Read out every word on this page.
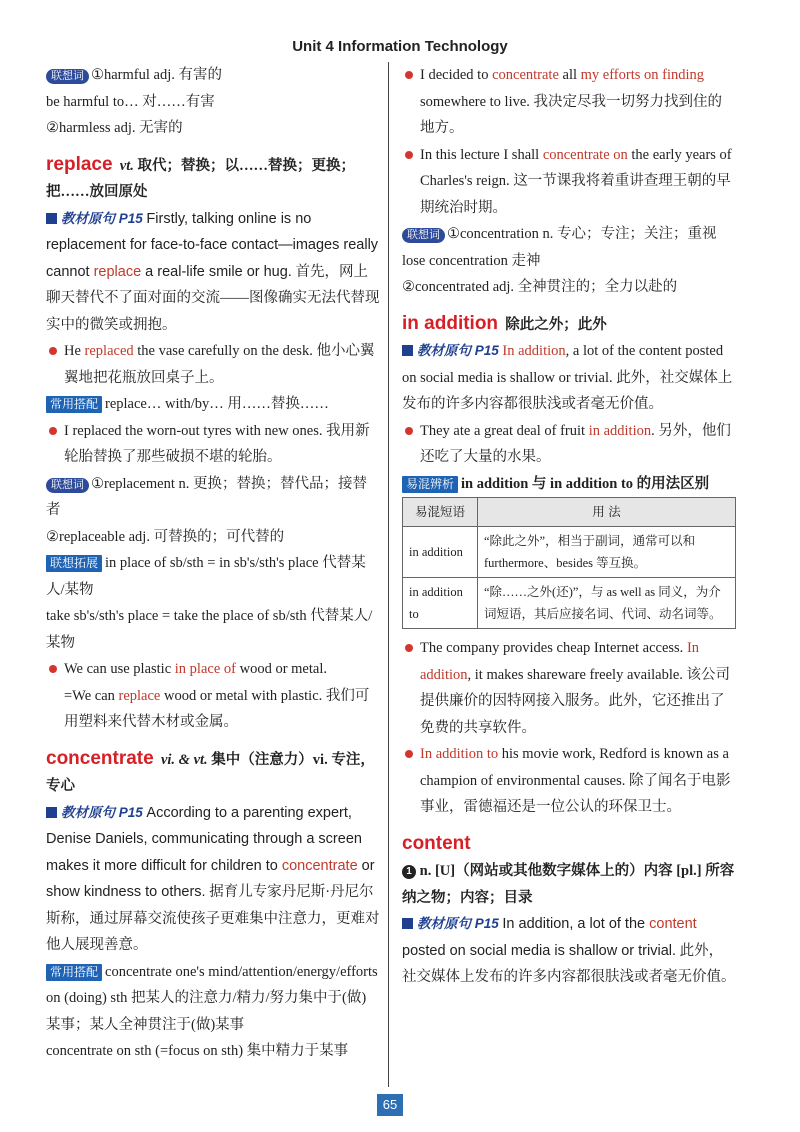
Unit 4 Information Technology

联想词 ①harmful adj. 有害的

be harmful to… 对……有害

②harmless adj. 无害的

replace vt. 取代；替换；以……替换；更换；把……放回原处

教材原句 P15 Firstly, talking online is no replacement for face-to-face contact—images really cannot replace a real-life smile or hug. 首先，网上聊天替代不了面对面的交流——图像确实无法代替现实中的微笑或拥抱。

He replaced the vase carefully on the desk. 他小心翼翼地把花瓶放回桌子上。

常用搭配 replace… with/by… 用……替换……

I replaced the worn-out tyres with new ones. 我用新轮胎替换了那些破损不堪的轮胎。

联想词 ①replacement n. 更换；替换；替代品；接替者

②replaceable adj. 可替换的；可代替的

联想拓展 in place of sb/sth = in sb's/sth's place 代替某人/某物

take sb's/sth's place = take the place of sb/sth 代替某人/某物

We can use plastic in place of wood or metal.
=We can replace wood or metal with plastic. 我们可用塑料来代替木材或金属。

concentrate vi. & vt. 集中（注意力）vi. 专注，专心

教材原句 P15 According to a parenting expert, Denise Daniels, communicating through a screen makes it more difficult for children to concentrate or show kindness to others. 据育儿专家丹尼斯·丹尼尔斯称，通过屏幕交流使孩子更难集中注意力，更难对他人展现善意。

常用搭配 concentrate one's mind/attention/energy/efforts on (doing) sth 把某人的注意力/精力/努力集中于(做)某事；某人全神贯注于(做)某事

concentrate on sth (=focus on sth) 集中精力于某事

I decided to concentrate all my efforts on finding somewhere to live. 我决定尽我一切努力找到住的地方。

In this lecture I shall concentrate on the early years of Charles's reign. 这一节课我将着重讲查理王朝的早期统治时期。

联想词 ①concentration n. 专心；专注；关注；重视

lose concentration 走神

②concentrated adj. 全神贯注的；全力以赴的

in addition 除此之外；此外

教材原句 P15 In addition, a lot of the content posted on social media is shallow or trivial. 此外，社交媒体上发布的许多内容都很肤浅或者毫无价值。

They ate a great deal of fruit in addition. 另外，他们还吃了大量的水果。

易混辨析 in addition 与 in addition to 的用法区别

易混短语	用 法
in addition	“除此之外”，相当于副词，通常可以和 furthermore、besides 等互换。
in addition to	“除……之外(还)”，与 as well as 同义，为介词短语，其后应接名词、代词、动名词等。

The company provides cheap Internet access. In addition, it makes shareware freely available. 该公司提供廉价的因特网接入服务。此外，它还推出了免费的共享软件。

In addition to his movie work, Redford is known as a champion of environmental causes. 除了闻名于电影事业，雷德福还是一位公认的环保卫士。

content

1 n. [U]（网站或其他数字媒体上的）内容 [pl.] 所容纳之物；内容；目录

教材原句 P15 In addition, a lot of the content posted on social media is shallow or trivial. 此外，社交媒体上发布的许多内容都很肤浅或者毫无价值。

65
